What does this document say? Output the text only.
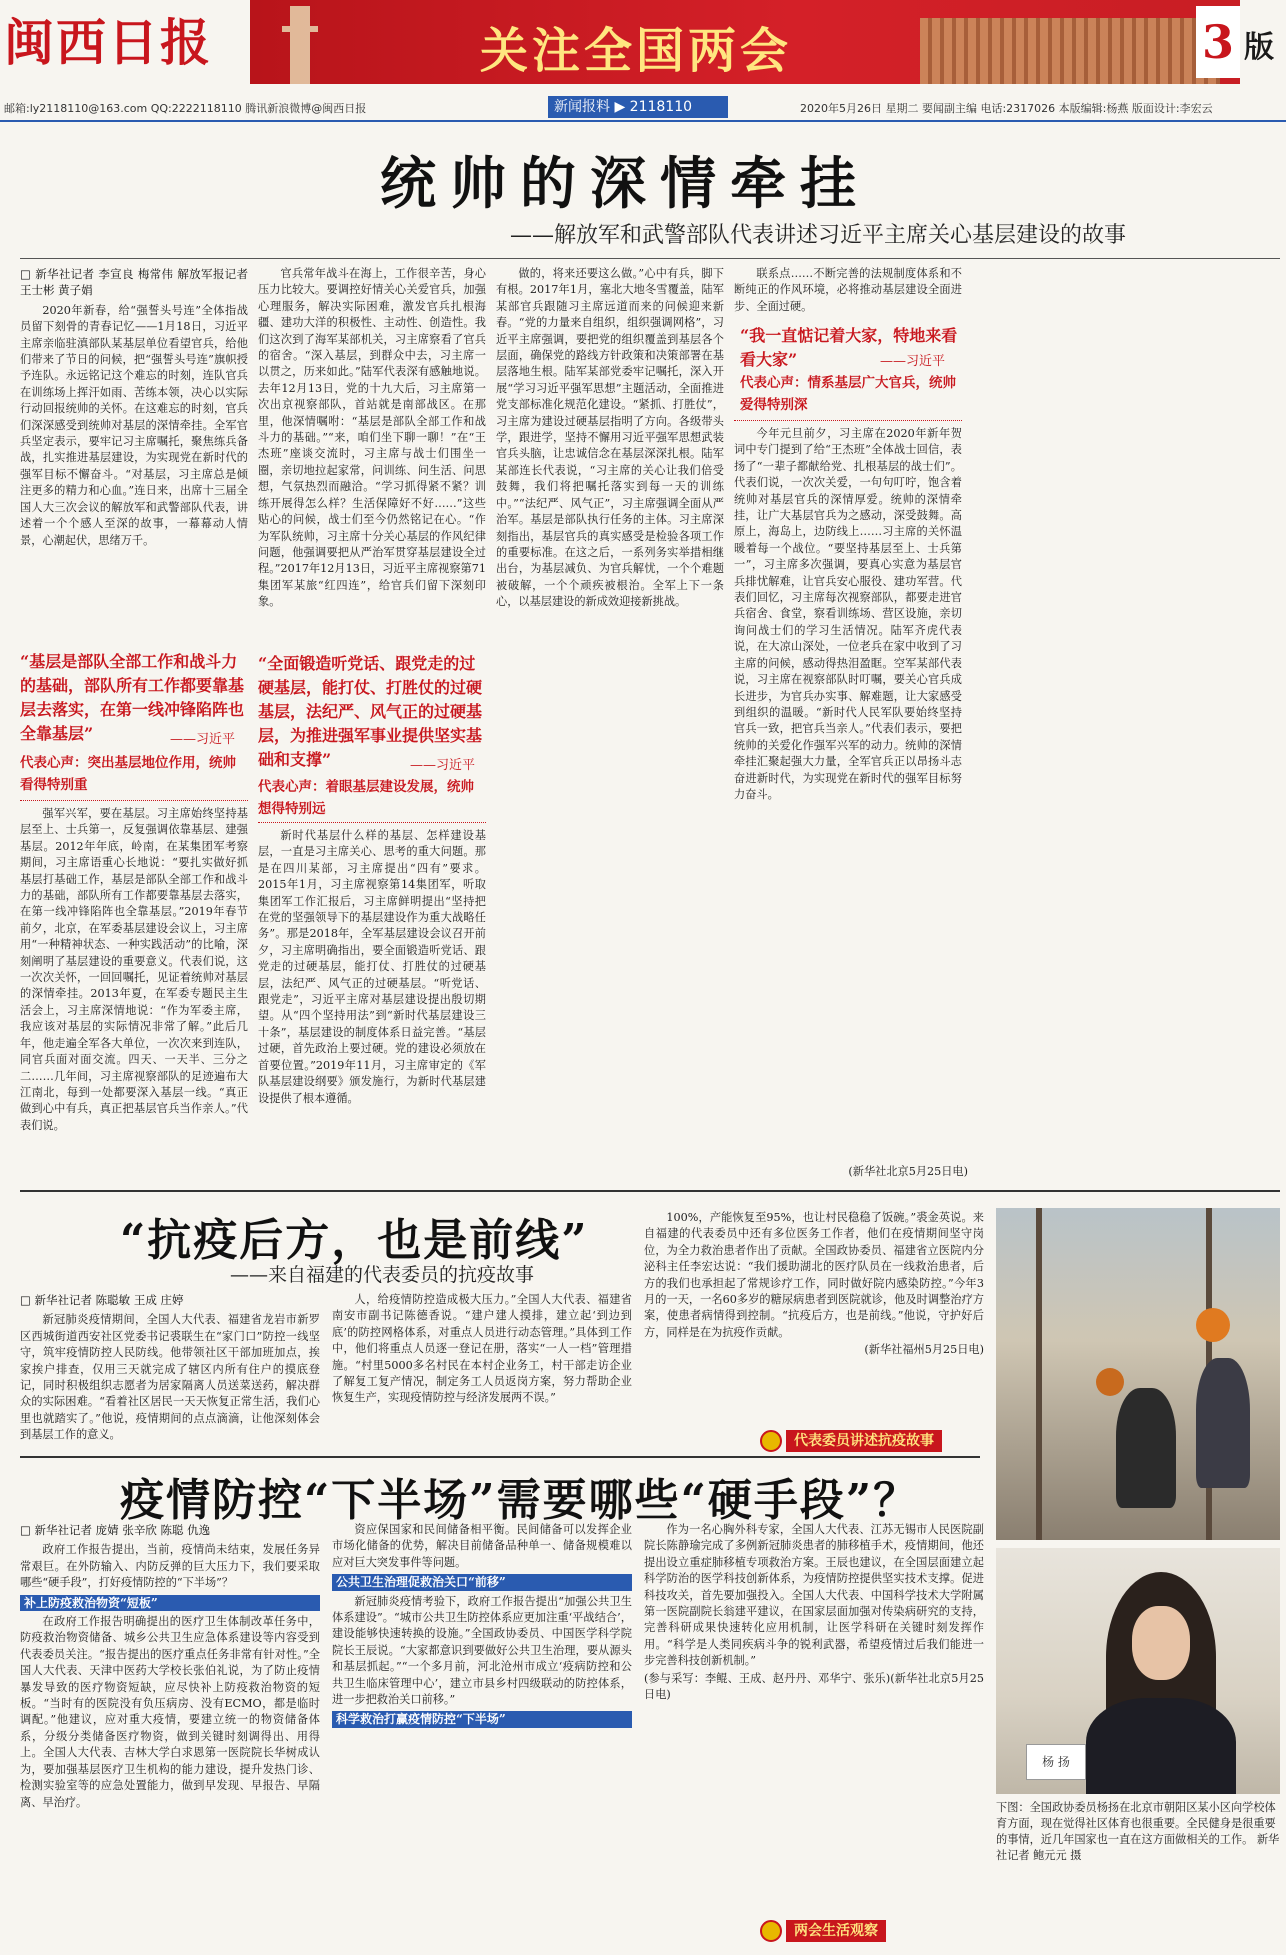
闽西日报	关注全国两会	3 版
邮箱:ly2118110@163.com QQ:2222118110 腾讯新浪微博@闽西日报	新闻报料 ▶ 2118110	2020年5月26日 星期二 要闻副主编 电话:2317026 本版编辑:杨燕 版面设计:李宏云
统帅的深情牵挂
——解放军和武警部队代表讲述习近平主席关心基层建设的故事
□ 新华社记者 李宣良 梅常伟 解放军报记者 王士彬 黄子娟

2020年新春，给“强誓头号连”全体指战员留下刻骨的青春记忆——1月18日，习近平主席亲临驻滇部队某基层单位看望官兵，给他们带来了节日的问候，把“强誓头号连”旗帜授予连队。永远铭记这个难忘的时刻，连队官兵在训练场上挥汗如雨、苦练本领，决心以实际行动回报统帅的关怀。在这难忘的时刻，官兵们深深感受到统帅对基层的深情牵挂。全军官兵坚定表示，要牢记习主席嘱托，聚焦练兵备战，扎实推进基层建设，为实现党在新时代的强军目标不懈奋斗。“对基层，习主席总是倾注更多的精力和心血。”连日来，出席十三届全国人大三次会议的解放军和武警部队代表，讲述着一个个感人至深的故事，一幕幕动人情景，心潮起伏，思绪万千。

“基层是部队全部工作和战斗力的基础，部队所有工作都要靠基层去落实，在第一线冲锋陷阵也全靠基层”	——习近平
代表心声：突出基层地位作用，统帅看得特别重

强军兴军，要在基层。习主席始终坚持基层至上、士兵第一，反复强调依靠基层、建强基层。2012年年底，岭南，在某集团军考察期间，习主席语重心长地说：“要扎实做好抓基层打基础工作，基层是部队全部工作和战斗力的基础，部队所有工作都要靠基层去落实，在第一线冲锋陷阵也全靠基层。”2019年春节前夕，北京，在军委基层建设会议上，习主席用“一种精神状态、一种实践活动”的比喻，深刻阐明了基层建设的重要意义。代表们说，这一次次关怀，一回回嘱托，见证着统帅对基层的深情牵挂。2013年夏，在军委专题民主生活会上，习主席深情地说：“作为军委主席，我应该对基层的实际情况非常了解。”此后几年，他走遍全军各大单位，一次次来到连队，同官兵面对面交流。四天、一天半、三分之二……几年间，习主席视察部队的足迹遍布大江南北，每到一处都要深入基层一线。“真正做到心中有兵，真正把基层官兵当作亲人。”代表们说。

官兵常年战斗在海上，工作很辛苦，身心压力比较大。要调控好情关心关爱官兵，加强心理服务，解决实际困难，激发官兵扎根海疆、建功大洋的积极性、主动性、创造性。我们这次到了海军某部机关，习主席察看了官兵的宿舍。“深入基层，到群众中去，习主席一以贯之，历来如此。”陆军代表深有感触地说。去年12月13日，党的十九大后，习主席第一次出京视察部队，首站就是南部战区。在那里，他深情嘱咐：“基层是部队全部工作和战斗力的基础。”“来，咱们坐下聊一聊！”在“王杰班”座谈交流时，习主席与战士们围坐一圈，亲切地拉起家常，问训练、问生活、问思想，气氛热烈而融洽。“学习抓得紧不紧？训练开展得怎么样？生活保障好不好……”这些贴心的问候，战士们至今仍然铭记在心。“作为军队统帅，习主席十分关心基层的作风纪律问题，他强调要把从严治军贯穿基层建设全过程。”2017年12月13日，习近平主席视察第71集团军某旅“红四连”，给官兵们留下深刻印象。

“全面锻造听党话、跟党走的过硬基层，能打仗、打胜仗的过硬基层，法纪严、风气正的过硬基层，为推进强军事业提供坚实基础和支撑”	——习近平
代表心声：着眼基层建设发展，统帅想得特别远

新时代基层什么样的基层、怎样建设基层，一直是习主席关心、思考的重大问题。那是在四川某部，习主席提出“四有”要求。2015年1月，习主席视察第14集团军，听取集团军工作汇报后，习主席鲜明提出“坚持把在党的坚强领导下的基层建设作为重大战略任务”。那是2018年，全军基层建设会议召开前夕，习主席明确指出，要全面锻造听党话、跟党走的过硬基层，能打仗、打胜仗的过硬基层，法纪严、风气正的过硬基层。“听党话、跟党走”，习近平主席对基层建设提出殷切期望。从“四个坚持用法”到“新时代基层建设三十条”，基层建设的制度体系日益完善。“基层过硬，首先政治上要过硬。党的建设必须放在首要位置。”2019年11月，习主席审定的《军队基层建设纲要》颁发施行，为新时代基层建设提供了根本遵循。

做的，将来还要这么做。”心中有兵，脚下有根。2017年1月，塞北大地冬雪覆盖，陆军某部官兵跟随习主席远道而来的问候迎来新春。“党的力量来自组织，组织强调网格”，习近平主席强调，要把党的组织覆盖到基层各个层面，确保党的路线方针政策和决策部署在基层落地生根。陆军某部党委牢记嘱托，深入开展“学习习近平强军思想”主题活动，全面推进党支部标准化规范化建设。“紧抓、打胜仗”，习主席为建设过硬基层指明了方向。各级带头学，跟进学，坚持不懈用习近平强军思想武装官兵头脑，让忠诚信念在基层深深扎根。陆军某部连长代表说，“习主席的关心让我们倍受鼓舞，我们将把嘱托落实到每一天的训练中。”“法纪严、风气正”，习主席强调全面从严治军。基层是部队执行任务的主体。习主席深刻指出，基层官兵的真实感受是检验各项工作的重要标准。在这之后，一系列务实举措相继出台，为基层减负、为官兵解忧，一个个难题被破解，一个个顽疾被根治。全军上下一条心，以基层建设的新成效迎接新挑战。

联系点……不断完善的法规制度体系和不断纯正的作风环境，必将推动基层建设全面进步、全面过硬。

“我一直惦记着大家，特地来看看大家”	——习近平
代表心声：情系基层广大官兵，统帅爱得特别深

今年元旦前夕，习主席在2020年新年贺词中专门提到了给“王杰班”全体战士回信，表扬了“一辈子都献给党、扎根基层的战士们”。代表们说，一次次关爱，一句句叮咛，饱含着统帅对基层官兵的深情厚爱。统帅的深情牵挂，让广大基层官兵为之感动，深受鼓舞。高原上，海岛上，边防线上……习主席的关怀温暖着每一个战位。“要坚持基层至上、士兵第一”，习主席多次强调，要真心实意为基层官兵排忧解难，让官兵安心服役、建功军营。代表们回忆，习主席每次视察部队，都要走进官兵宿舍、食堂，察看训练场、营区设施，亲切询问战士们的学习生活情况。陆军齐虎代表说，在大凉山深处，一位老兵在家中收到了习主席的问候，感动得热泪盈眶。空军某部代表说，习主席在视察部队时叮嘱，要关心官兵成长进步，为官兵办实事、解难题，让大家感受到组织的温暖。“新时代人民军队要始终坚持官兵一致，把官兵当亲人。”代表们表示，要把统帅的关爱化作强军兴军的动力。统帅的深情牵挂汇聚起强大力量，全军官兵正以昂扬斗志奋进新时代，为实现党在新时代的强军目标努力奋斗。

(新华社北京5月25日电)
“抗疫后方，也是前线”
——来自福建的代表委员的抗疫故事
□ 新华社记者 陈聪敏 王成 庄婷

新冠肺炎疫情期间，全国人大代表、福建省龙岩市新罗区西城街道西安社区党委书记裘联生在“家门口”防控一线坚守，筑牢疫情防控人民防线。他带领社区干部加班加点，挨家挨户排查，仅用三天就完成了辖区内所有住户的摸底登记，同时积极组织志愿者为居家隔离人员送菜送药，解决群众的实际困难。“看着社区居民一天天恢复正常生活，我们心里也就踏实了。”他说，疫情期间的点点滴滴，让他深刻体会到基层工作的意义。

人，给疫情防控造成极大压力。”全国人大代表、福建省南安市副书记陈德香说。“建户建人摸排，建立起‘到边到底’的防控网格体系，对重点人员进行动态管理。”具体到工作中，他们将重点人员逐一登记在册，落实“一人一档”管理措施。“村里5000多名村民在本村企业务工，村干部走访企业了解复工复产情况，制定务工人员返岗方案，努力帮助企业恢复生产，实现疫情防控与经济发展两不误。”

100%，产能恢复至95%，也让村民稳稳了饭碗。”裘金英说。来自福建的代表委员中还有多位医务工作者，他们在疫情期间坚守岗位，为全力救治患者作出了贡献。全国政协委员、福建省立医院内分泌科主任李宏达说：“我们援助湖北的医疗队员在一线救治患者，后方的我们也承担起了常规诊疗工作，同时做好院内感染防控。”今年3月的一天，一名60多岁的糖尿病患者到医院就诊，他及时调整治疗方案，使患者病情得到控制。“抗疫后方，也是前线。”他说，守护好后方，同样是在为抗疫作贡献。

(新华社福州5月25日电)

代表委员讲述抗疫故事
疫情防控“下半场”需要哪些“硬手段”？
□ 新华社记者 庞婧 张辛欣 陈聪 仇逸

政府工作报告提出，当前，疫情尚未结束，发展任务异常艰巨。在外防输入、内防反弹的巨大压力下，我们要采取哪些“硬手段”，打好疫情防控的“下半场”？

补上防疫救治物资“短板”

在政府工作报告明确提出的医疗卫生体制改革任务中，防疫救治物资储备、城乡公共卫生应急体系建设等内容受到代表委员关注。“报告提出的医疗重点任务非常有针对性。”全国人大代表、天津中医药大学校长张伯礼说，为了防止疫情暴发导致的医疗物资短缺，应尽快补上防疫救治物资的短板。“当时有的医院没有负压病房、没有ECMO，都是临时调配。”他建议，应对重大疫情，要建立统一的物资储备体系，分级分类储备医疗物资，做到关键时刻调得出、用得上。全国人大代表、吉林大学白求恩第一医院院长华树成认为，要加强基层医疗卫生机构的能力建设，提升发热门诊、检测实验室等的应急处置能力，做到早发现、早报告、早隔离、早治疗。

资应保国家和民间储备相平衡。民间储备可以发挥企业市场化储备的优势，解决目前储备品种单一、储备规模难以应对巨大突发事件等问题。

公共卫生治理促救治关口“前移”

新冠肺炎疫情考验下，政府工作报告提出“加强公共卫生体系建设”。“城市公共卫生防控体系应更加注重‘平战结合’，建设能够快速转换的设施。”全国政协委员、中国医学科学院院长王辰说。“大家都意识到要做好公共卫生治理，要从源头和基层抓起。”“一个多月前，河北沧州市成立‘疫病防控和公共卫生临床管理中心’，建立市县乡村四级联动的防控体系，进一步把救治关口前移。”

科学救治打赢疫情防控“下半场”

作为一名心胸外科专家，全国人大代表、江苏无锡市人民医院副院长陈静瑜完成了多例新冠肺炎患者的肺移植手术，疫情期间，他还提出设立重症肺移植专项救治方案。王辰也建议，在全国层面建立起科学防治的医学科技创新体系，为疫情防控提供坚实技术支撑。促进科技攻关，首先要加强投入。全国人大代表、中国科学技术大学附属第一医院副院长翁建平建议，在国家层面加强对传染病研究的支持，完善科研成果快速转化应用机制，让医学科研在关键时刻发挥作用。“科学是人类同疾病斗争的锐利武器，希望疫情过后我们能进一步完善科技创新机制。”

(参与采写：李鲲、王成、赵丹丹、邓华宁、张乐)(新华社北京5月25日电)

两会生活观察
杨 扬
下图：全国政协委员杨扬在北京市朝阳区某小区向学校体育方面，现在觉得社区体育也很重要。全民健身是很重要的事情，近几年国家也一直在这方面做相关的工作。 新华社记者 鲍元元 摄
